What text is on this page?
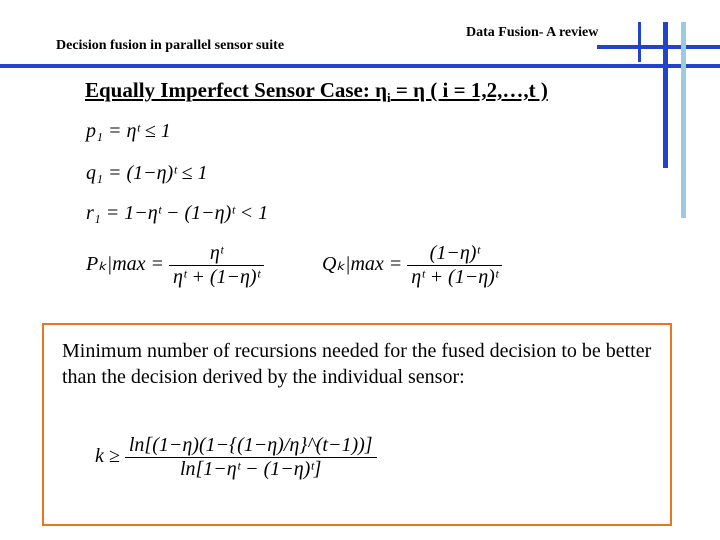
Decision fusion in parallel sensor suite
Data Fusion- A review
Equally Imperfect Sensor Case: $\eta_i = \eta$ ( i = 1,2,…,t )
p₁ = ηᵗ ≤ 1
q₁ = (1−η)ᵗ ≤ 1
r₁ = 1−ηᵗ − (1−η)ᵗ < 1
$P_k|\max = \frac{\text{ηᵗ}}{\text{ηᵗ + (1−η)ᵗ}}$	$Q_k|\max = \frac{\text{(1−η)ᵗ}}{\text{ηᵗ + (1−η)ᵗ}}$
Minimum number of recursions needed for the fused decision to be better than the decision derived by the individual sensor:
$k \ge \frac{\ln[(1-\eta)(1-\{(1-\eta)/\eta\}\^{}(t-1))]}{\text{ln[1−ηᵗ − (1−η)ᵗ]}}$
